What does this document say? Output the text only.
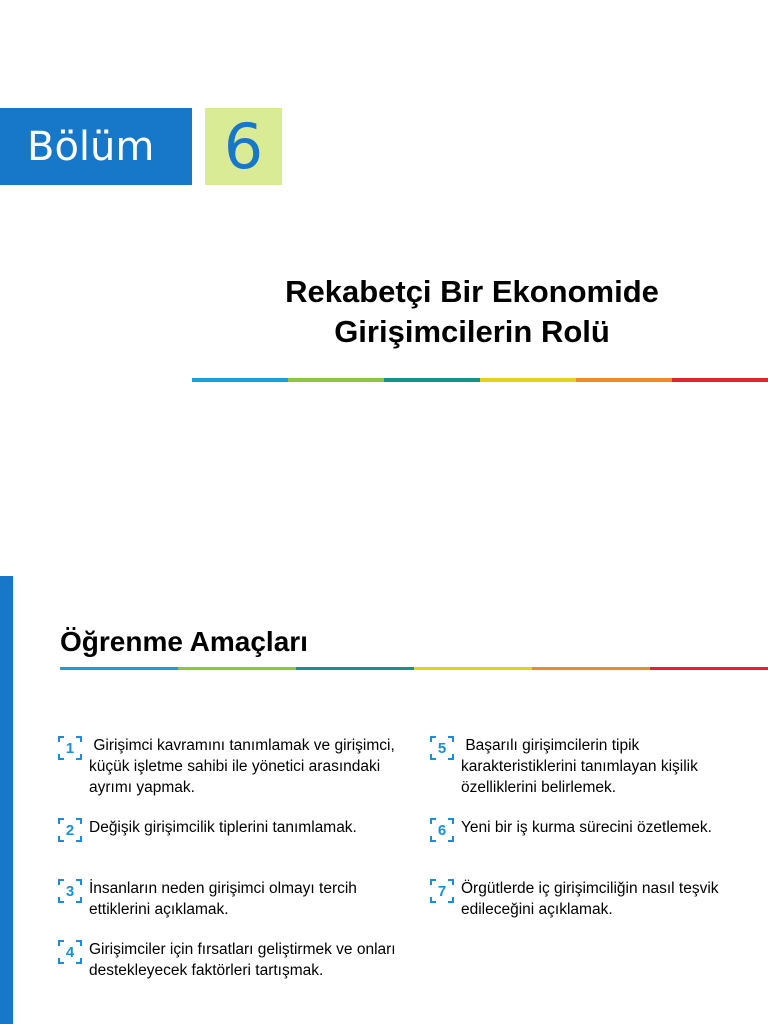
Bölüm 6
Rekabetçi Bir Ekonomide
Girişimcilerin Rolü
Öğrenme Amaçları
1 Girişimci kavramını tanımlamak ve girişimci, küçük işletme sahibi ile yönetici arasındaki ayrımı yapmak.
2 Değişik girişimcilik tiplerini tanımlamak.
3 İnsanların neden girişimci olmayı tercih ettiklerini açıklamak.
4 Girişimciler için fırsatları geliştirmek ve onları destekleyecek faktörleri tartışmak.
5 Başarılı girişimcilerin tipik karakteristiklerini tanımlayan kişilik özelliklerini belirlemek.
6 Yeni bir iş kurma sürecini özetlemek.
7 Örgütlerde iç girişimciliğin nasıl teşvik edileceğini açıklamak.
